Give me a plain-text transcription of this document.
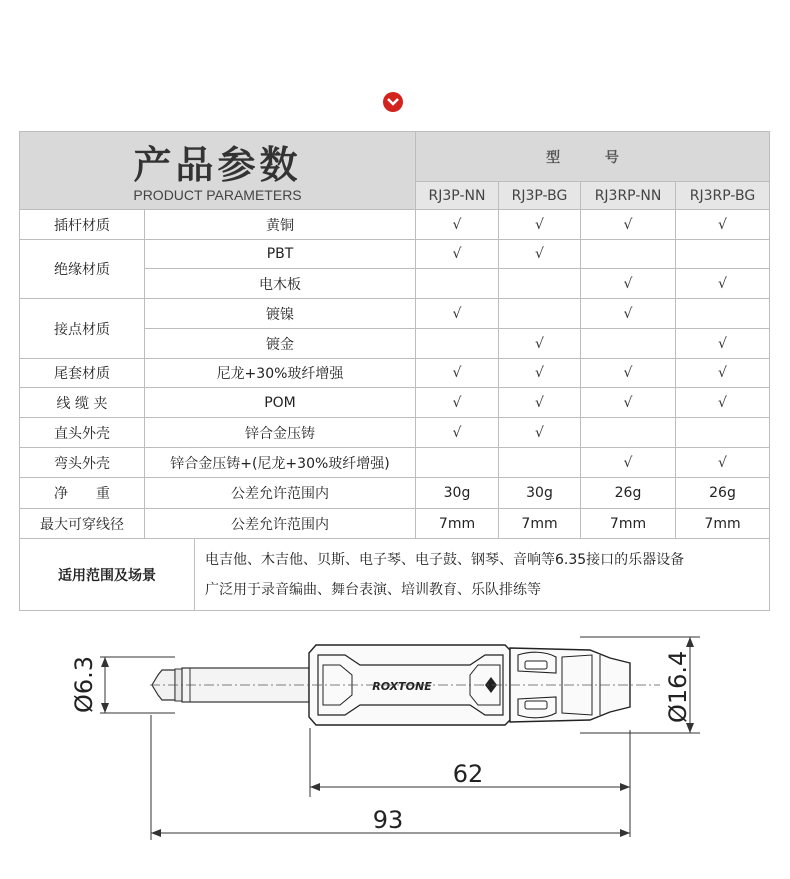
产品参数
PRODUCT PARAMETERS		型 号			
		RJ3P-NN	RJ3P-BG	RJ3RP-NN	RJ3RP-BG
插杆材质	黄铜	√	√	√	√
绝缘材质	PBT	√	√		
	电木板			√	√
接点材质	镀镍	√		√	
	镀金		√		√
尾套材质	尼龙+30%玻纤增强	√	√	√	√
线 缆 夹	POM	√	√	√	√
直头外壳	锌合金压铸	√	√		
弯头外壳	锌合金压铸+(尼龙+30%玻纤增强)			√	√
净　　重	公差允许范围内	30g	30g	26g	26g
最大可穿线径	公差允许范围内	7mm	7mm	7mm	7mm
适用范围及场景	
电吉他、木吉他、贝斯、电子琴、电子鼓、钢琴、音响等6.35接口的乐器设备
广泛用于录音编曲、舞台表演、培训教育、乐队排练等
Ø6.3	ROXTONE	Ø16.4
62
93
